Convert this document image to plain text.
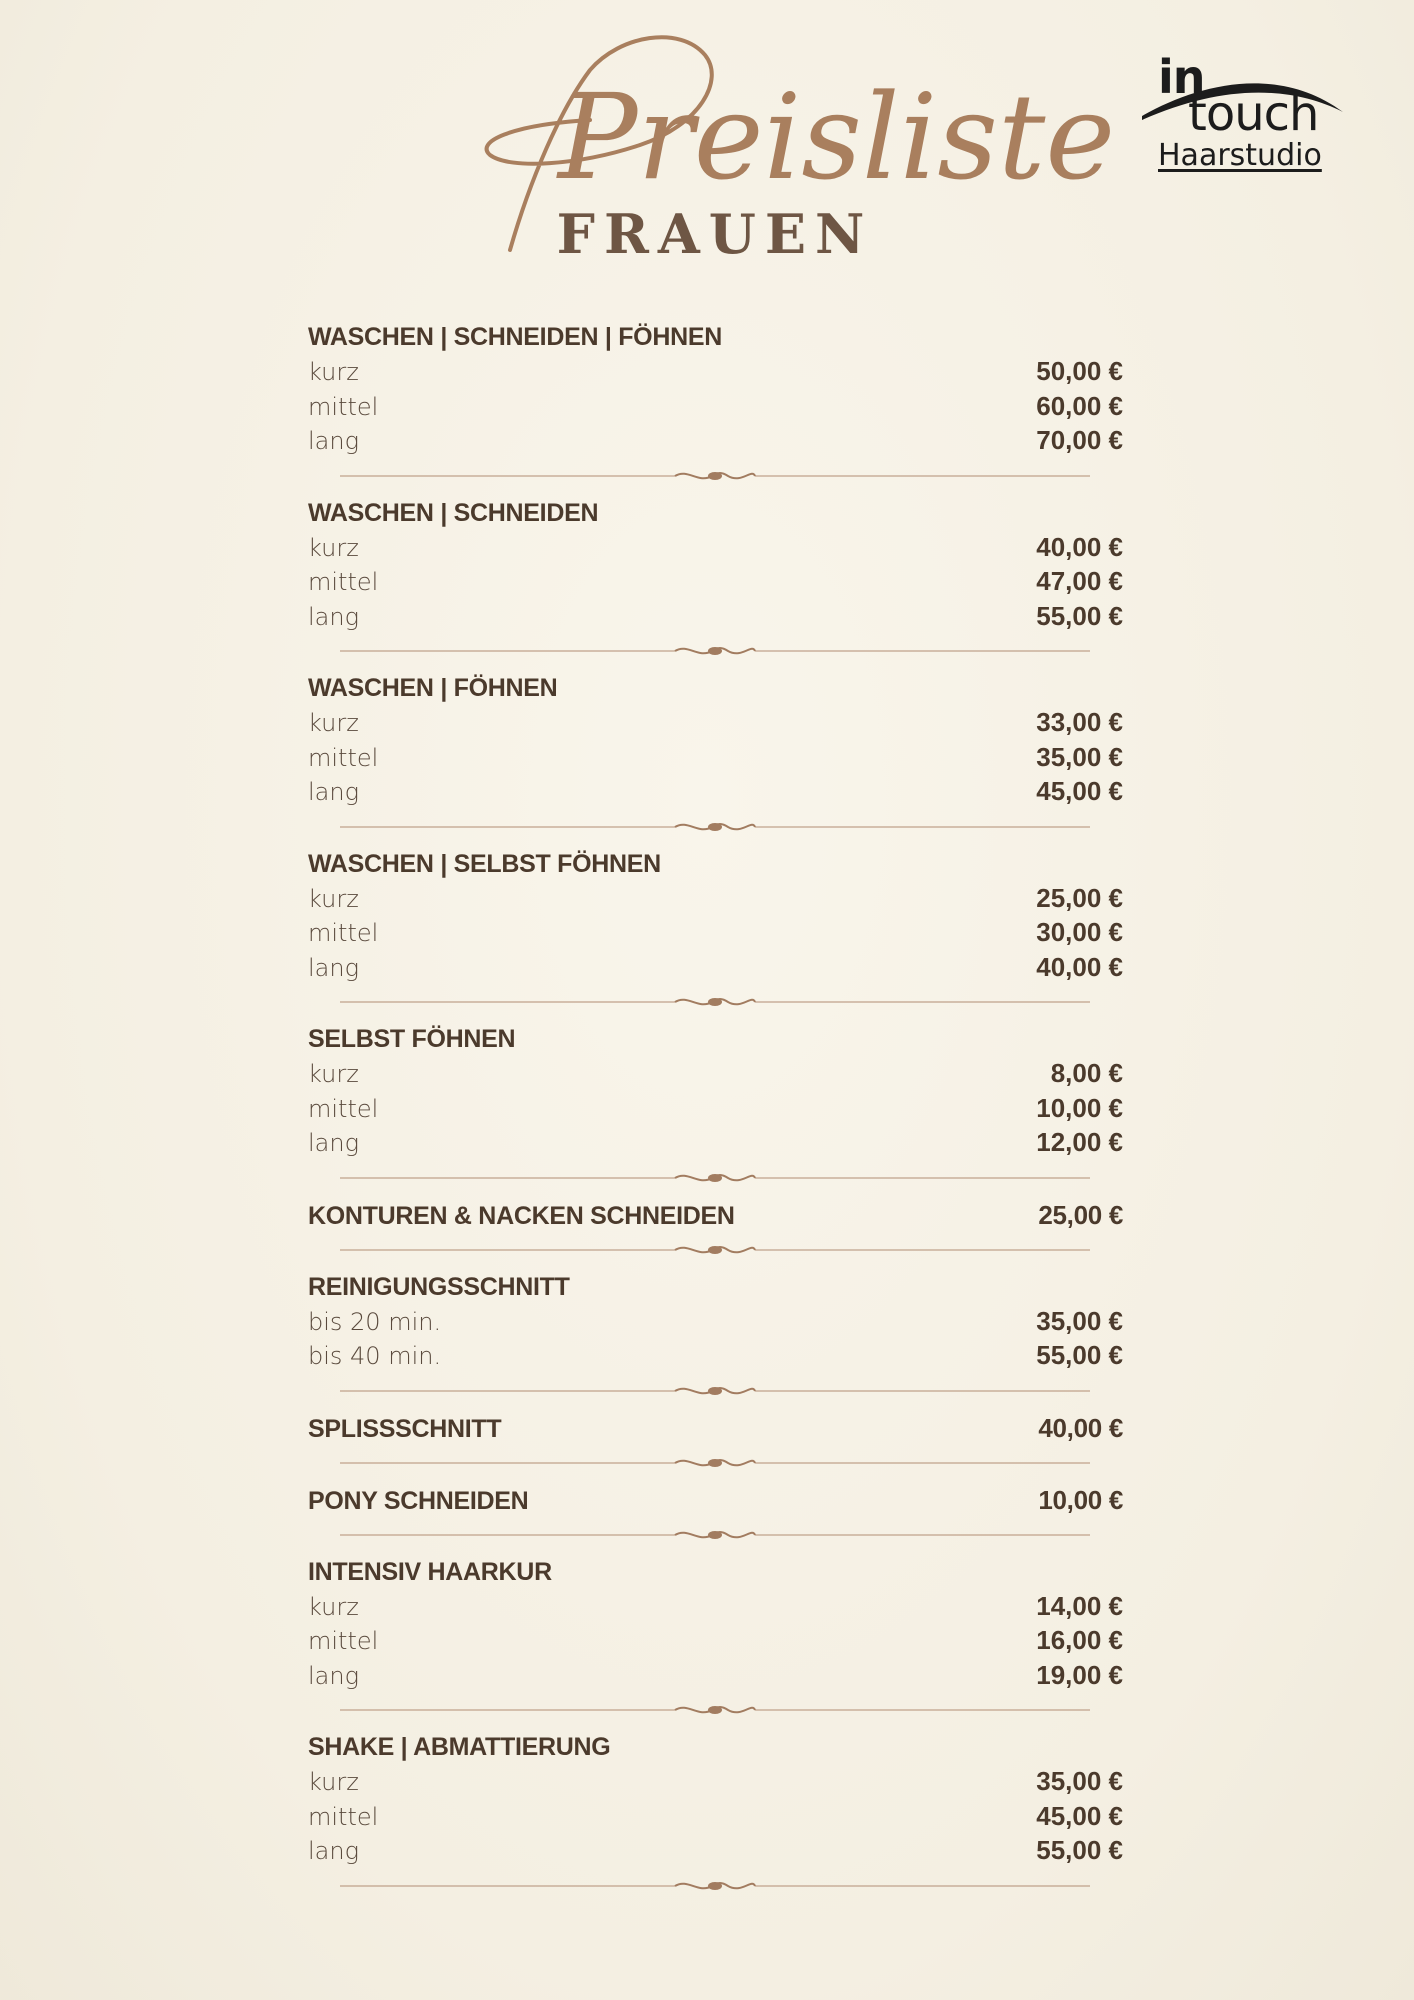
Preisliste
FRAUEN
in
touch
Haarstudio
WASCHEN | SCHNEIDEN | FÖHNEN
kurz	50,00 €
mittel	60,00 €
lang	70,00 €
WASCHEN | SCHNEIDEN
kurz	40,00 €
mittel	47,00 €
lang	55,00 €
WASCHEN | FÖHNEN
kurz	33,00 €
mittel	35,00 €
lang	45,00 €
WASCHEN | SELBST FÖHNEN
kurz	25,00 €
mittel	30,00 €
lang	40,00 €
SELBST FÖHNEN
kurz	8,00 €
mittel	10,00 €
lang	12,00 €
KONTUREN & NACKEN SCHNEIDEN	25,00 €
REINIGUNGSSCHNITT
bis 20 min.	35,00 €
bis 40 min.	55,00 €
SPLISSSCHNITT	40,00 €
PONY SCHNEIDEN	10,00 €
INTENSIV HAARKUR
kurz	14,00 €
mittel	16,00 €
lang	19,00 €
SHAKE | ABMATTIERUNG
kurz	35,00 €
mittel	45,00 €
lang	55,00 €
